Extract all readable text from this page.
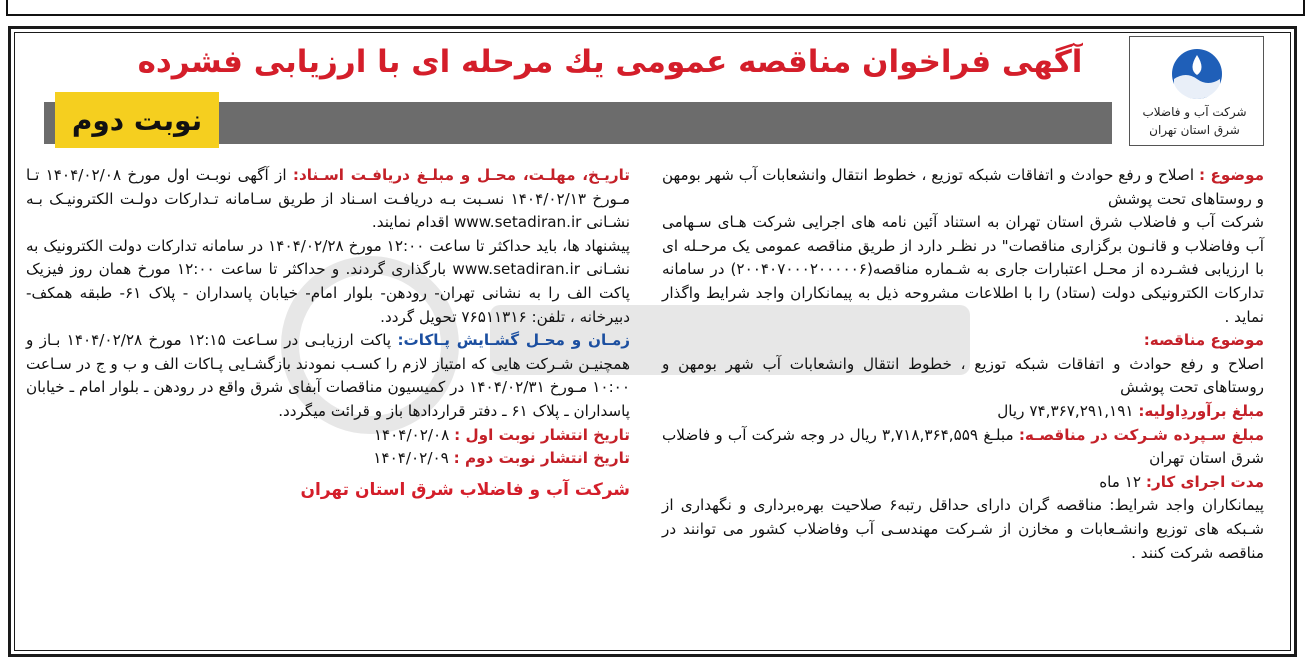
شرکت آب و فاضلاب
شرق استان تهران
آگهی فراخوان مناقصه عمومی یك مرحله ای با ارزیابی فشرده
نوبت دوم

موضوع : اصلاح و رفع حوادث و اتفاقات شبکه توزیع ، خطوط انتقال وانشعابات آب شهر بومهن و روستاهای تحت پوشش

شرکت آب و فاضلاب شرق استان تهران به استناد آئین نامه های اجرایی شرکت هـای سـهامی آب وفاضلاب و قانـون برگزاری مناقصات" در نظـر دارد از طریق مناقصه عمومی یک مرحـله ای با ارزیابی فشـرده از محـل اعتبارات جاری به شـماره مناقصه(۲۰۰۴۰۷۰۰۰۲۰۰۰۰۰۶) در سامانه تدارکات الکترونیکی دولت (ستاد) را با اطلاعات مشروحه ذیل به پیمانکاران واجد شرایط واگذار نماید .

موضوع مناقصه:

اصلاح و رفع حوادث و اتفاقات شبکه توزیع ، خطوط انتقال وانشعابات آب شهر بومهن و روستاهای تحت پوشش

مبلغ برآوردِاولیه: ۷۴,۳۶۷,۲۹۱,۱۹۱ ریال

مبلغ سـپرده شـرکت در مناقصـه: مبلـغ ۳,۷۱۸,۳۶۴,۵۵۹ ریال در وجه شرکت آب و فاضلاب شرق استان تهران

مدت اجرای کار: ۱۲ ماه

پیمانکاران واجد شرایط: مناقصه گران دارای حداقل رتبه۶ صلاحیت بهره‌برداری و نگهداری از شـبکه های توزیع وانشـعابات و مخازن از شـرکت مهندسـی آب وفاضلاب کشور می توانند در مناقصه شرکت کنند .

تاریـخ، مهلـت، محـل و مبلـغ دریافـت اسـناد: از آگهی نوبـت اول مورخ ۱۴۰۴/۰۲/۰۸ تـا مـورخ ۱۴۰۴/۰۲/۱۳ نسـبت بـه دریافـت اسـناد از طریق سـامانه تـدارکات دولـت الکترونیـک بـه نشـانی www.setadiran.ir اقدام نمایند.

پیشنهاد ها، باید حداکثر تا ساعت ۱۲:۰۰ مورخ ۱۴۰۴/۰۲/۲۸ در سامانه تدارکات دولت الکترونیک به نشـانی www.setadiran.ir بارگذاری گردند. و حداکثر تا ساعت ۱۲:۰۰ مورخ همان روز فیزیک پاکت الف را به نشانی تهران- رودهن- بلوار امام- خیابان پاسداران - پلاک ۶۱- طبقه همکف- دبیرخانه ، تلفن: ۷۶۵۱۱۳۱۶ تحویل گردد.

زمـان و محـل گشـایش پـاکات: پاکت ارزیابـی در سـاعت ۱۲:۱۵ مورخ ۱۴۰۴/۰۲/۲۸ بـاز و همچنیـن شـرکت هایی که امتیاز لازم را کسـب نمودند بازگشـایی پـاکات الف و ب و ج در سـاعت ۱۰:۰۰ مـورخ ۱۴۰۴/۰۲/۳۱ در کمیسیون مناقصات آبفای شرق واقع در رودهن ـ بلوار امام ـ خیابان پاسداران ـ پلاک ۶۱ ـ دفتر قراردادها باز و قرائت میگردد.

تاریخ انتشار نوبت اول : ۱۴۰۴/۰۲/۰۸

تاریخ انتشار نوبت دوم : ۱۴۰۴/۰۲/۰۹

شرکت آب و فاضلاب شرق استان تهران
